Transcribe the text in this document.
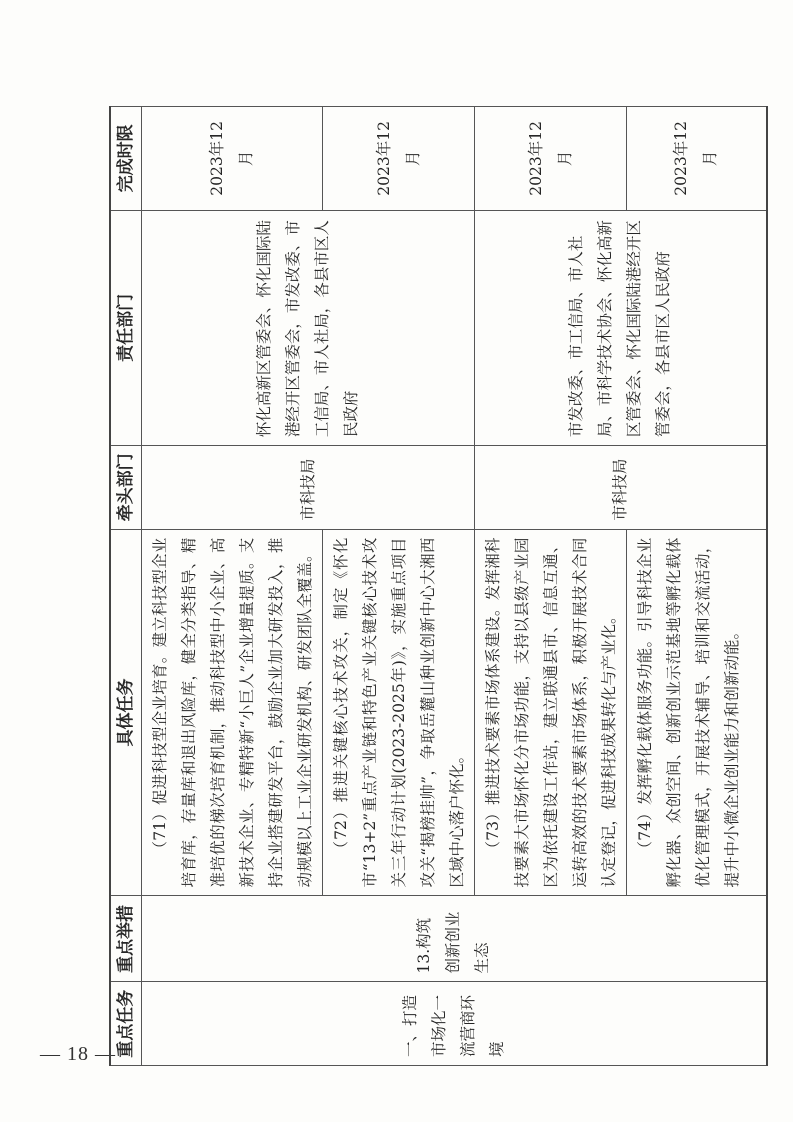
— 18 — 重点任务	重点举措	具体任务	牵头部门	责任部门	完成时限
一、打造市场化一流营商环境	13.构筑创新创业生态	（71）促进科技型企业培育。建立科技型企业培育库，存量库和退出风险库，健全分类指导、精准培优的梯次培育机制，推动科技型中小企业、高新技术企业、专精特新“小巨人”企业增量提质。支持企业搭建研发平台，鼓励企业加大研发投入，推动规模以上工业企业研发机构、研发团队全覆盖。	市科技局	怀化高新区管委会、怀化国际陆港经开区管委会，市发改委、市工信局、市人社局，各县市区人民政府	2023年12月
		（72）推进关键核心技术攻关，制定《怀化市“13+2”重点产业链和特色产业关键核心技术攻关三年行动计划(2023-2025年)》，实施重点项目攻关“揭榜挂帅”，争取岳麓山种业创新中心大湘西区域中心落户怀化。			2023年12月
		（73）推进技术要素市场体系建设。发挥湘科技要素大市场怀化分市场功能，支持以县级产业园区为依托建设工作站，建立联通县市、信息互通、运转高效的技术要素市场体系，积极开展技术合同认定登记，促进科技成果转化与产业化。	市科技局	市发改委、市工信局、市人社局、市科学技术协会、怀化高新区管委会、怀化国际陆港经开区管委会，各县市区人民政府	2023年12月
		（74）发挥孵化载体服务功能。引导科技企业孵化器、众创空间、创新创业示范基地等孵化载体优化管理模式，开展技术辅导、培训和交流活动，提升中小微企业创业能力和创新动能。			2023年12月
